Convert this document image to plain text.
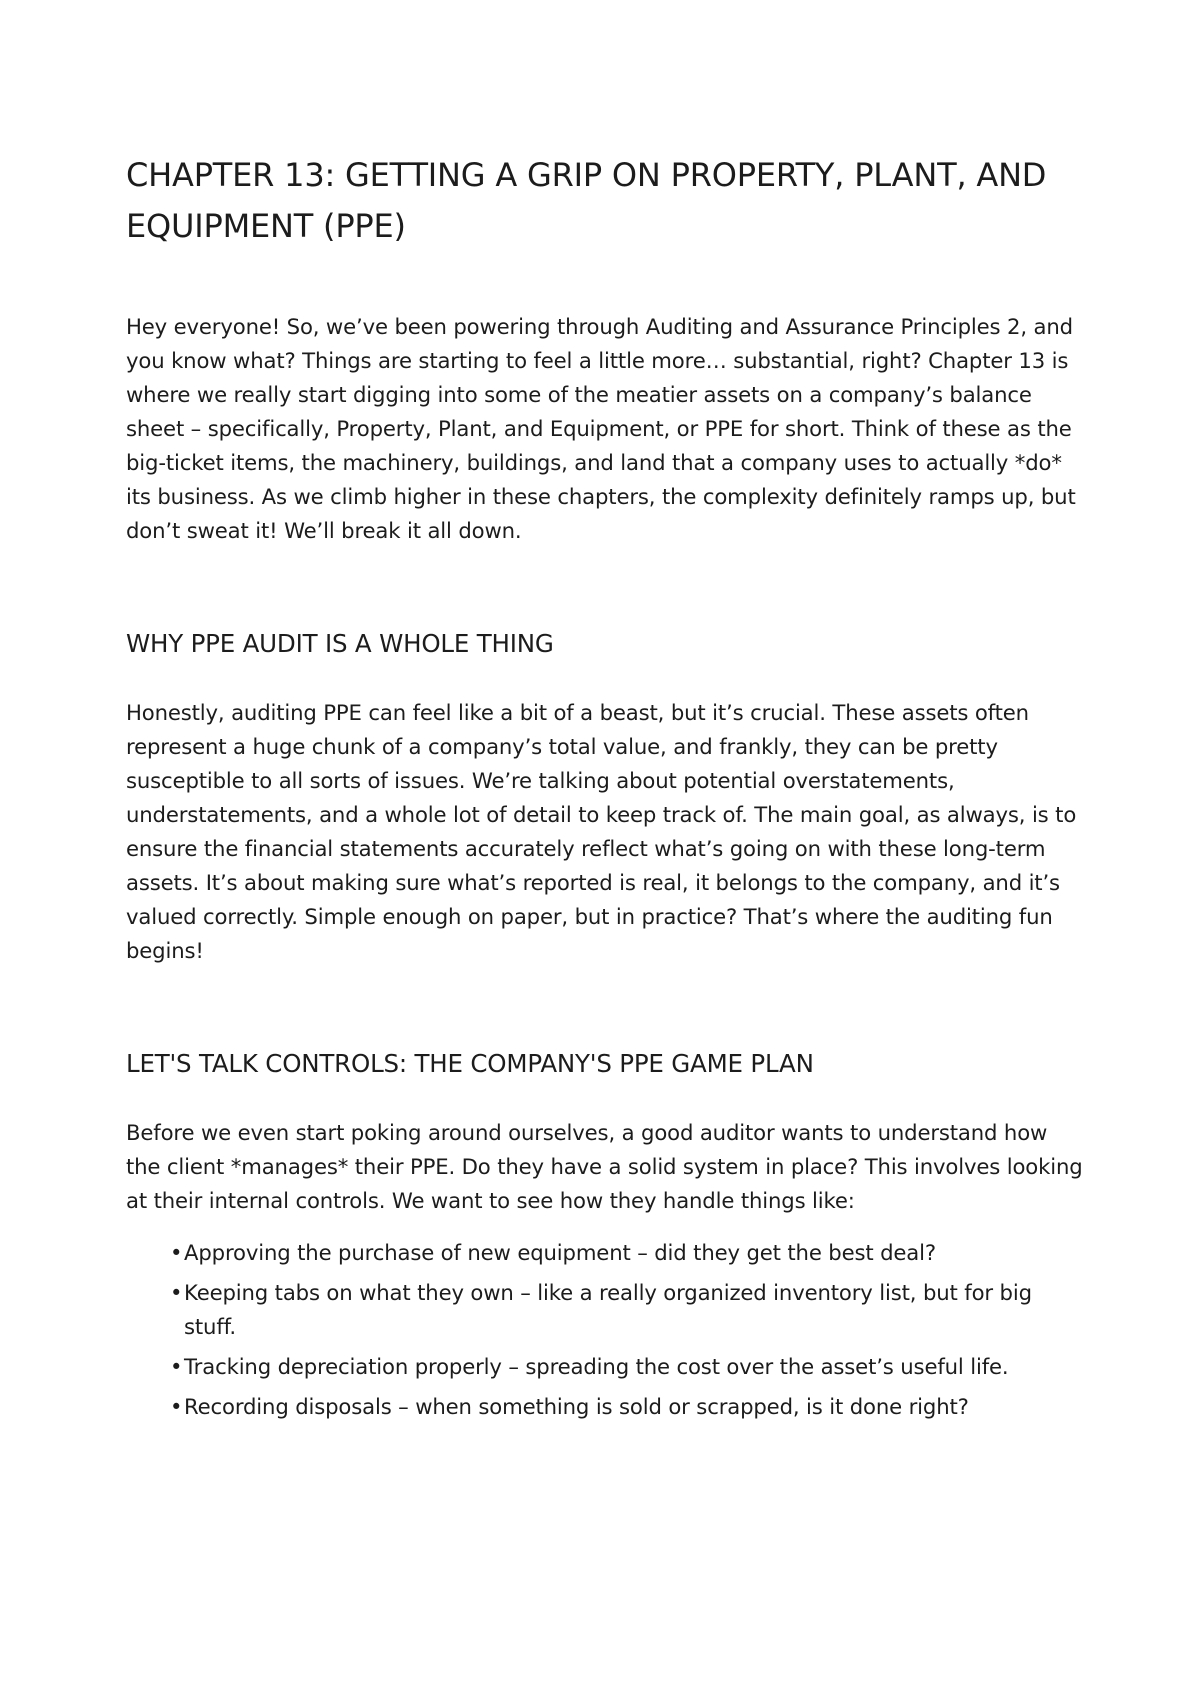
CHAPTER 13: GETTING A GRIP ON PROPERTY, PLANT, AND EQUIPMENT (PPE)

Hey everyone! So, we’ve been powering through Auditing and Assurance Principles 2, and you know what? Things are starting to feel a little more… substantial, right? Chapter 13 is where we really start digging into some of the meatier assets on a company’s balance sheet – specifically, Property, Plant, and Equipment, or PPE for short. Think of these as the big-ticket items, the machinery, buildings, and land that a company uses to actually *do* its business. As we climb higher in these chapters, the complexity definitely ramps up, but don’t sweat it! We’ll break it all down.

WHY PPE AUDIT IS A WHOLE THING

Honestly, auditing PPE can feel like a bit of a beast, but it’s crucial. These assets often represent a huge chunk of a company’s total value, and frankly, they can be pretty susceptible to all sorts of issues. We’re talking about potential overstatements, understatements, and a whole lot of detail to keep track of. The main goal, as always, is to ensure the financial statements accurately reflect what’s going on with these long-term assets. It’s about making sure what’s reported is real, it belongs to the company, and it’s valued correctly. Simple enough on paper, but in practice? That’s where the auditing fun begins!

LET'S TALK CONTROLS: THE COMPANY'S PPE GAME PLAN

Before we even start poking around ourselves, a good auditor wants to understand how the client *manages* their PPE. Do they have a solid system in place? This involves looking at their internal controls. We want to see how they handle things like:

• Approving the purchase of new equipment – did they get the best deal?
• Keeping tabs on what they own – like a really organized inventory list, but for big stuff.
• Tracking depreciation properly – spreading the cost over the asset’s useful life.
• Recording disposals – when something is sold or scrapped, is it done right?
